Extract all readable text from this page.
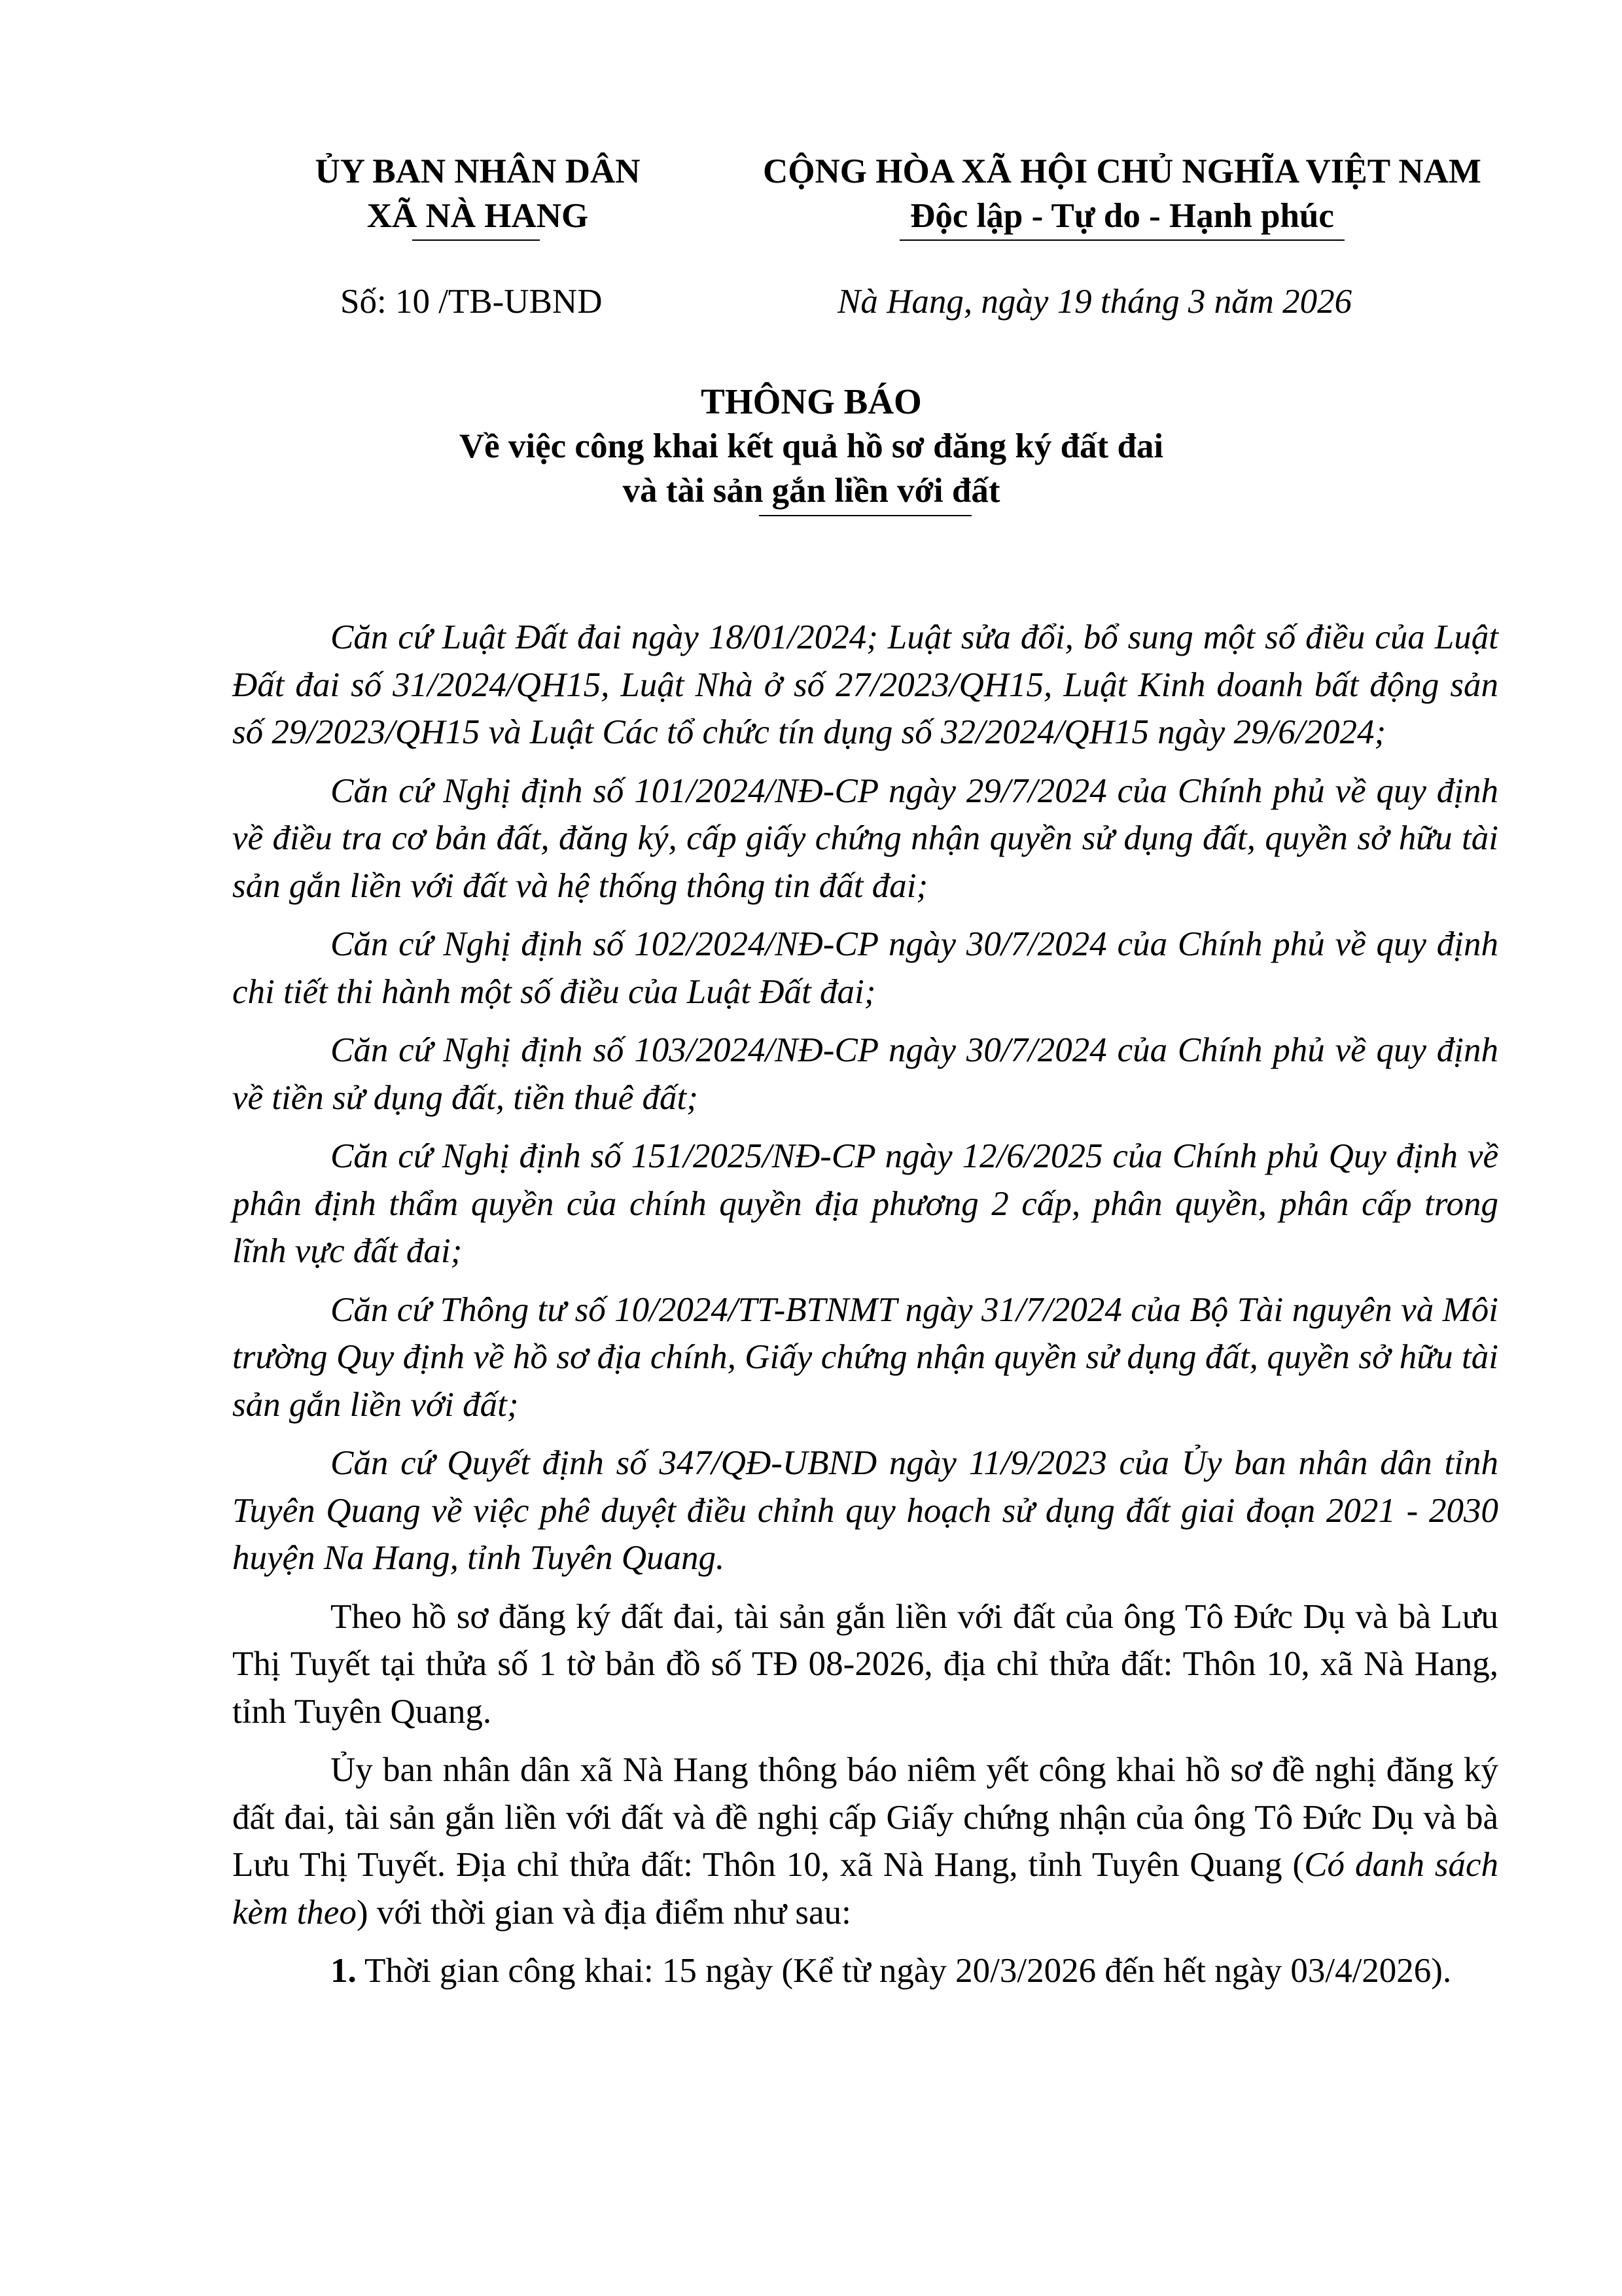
ỦY BAN NHÂN DÂN
XÃ NÀ HANG
CỘNG HÒA XÃ HỘI CHỦ NGHĨA VIỆT NAM
Độc lập - Tự do - Hạnh phúc
Số: 10 /TB-UBND	Nà Hang, ngày 19 tháng 3 năm 2026
THÔNG BÁO
Về việc công khai kết quả hồ sơ đăng ký đất đai
và tài sản gắn liền với đất

Căn cứ Luật Đất đai ngày 18/01/2024; Luật sửa đổi, bổ sung một số điều của Luật Đất đai số 31/2024/QH15, Luật Nhà ở số 27/2023/QH15, Luật Kinh doanh bất động sản số 29/2023/QH15 và Luật Các tổ chức tín dụng số 32/2024/QH15 ngày 29/6/2024;

Căn cứ Nghị định số 101/2024/NĐ-CP ngày 29/7/2024 của Chính phủ về quy định về điều tra cơ bản đất, đăng ký, cấp giấy chứng nhận quyền sử dụng đất, quyền sở hữu tài sản gắn liền với đất và hệ thống thông tin đất đai;

Căn cứ Nghị định số 102/2024/NĐ-CP ngày 30/7/2024 của Chính phủ về quy định chi tiết thi hành một số điều của Luật Đất đai;

Căn cứ Nghị định số 103/2024/NĐ-CP ngày 30/7/2024 của Chính phủ về quy định về tiền sử dụng đất, tiền thuê đất;

Căn cứ Nghị định số 151/2025/NĐ-CP ngày 12/6/2025 của Chính phủ Quy định về phân định thẩm quyền của chính quyền địa phương 2 cấp, phân quyền, phân cấp trong lĩnh vực đất đai;

Căn cứ Thông tư số 10/2024/TT-BTNMT ngày 31/7/2024 của Bộ Tài nguyên và Môi trường Quy định về hồ sơ địa chính, Giấy chứng nhận quyền sử dụng đất, quyền sở hữu tài sản gắn liền với đất;

Căn cứ Quyết định số 347/QĐ-UBND ngày 11/9/2023 của Ủy ban nhân dân tỉnh Tuyên Quang về việc phê duyệt điều chỉnh quy hoạch sử dụng đất giai đoạn 2021 - 2030 huyện Na Hang, tỉnh Tuyên Quang.

Theo hồ sơ đăng ký đất đai, tài sản gắn liền với đất của ông Tô Đức Dụ và bà Lưu Thị Tuyết tại thửa số 1 tờ bản đồ số TĐ 08-2026, địa chỉ thửa đất: Thôn 10, xã Nà Hang, tỉnh Tuyên Quang.

Ủy ban nhân dân xã Nà Hang thông báo niêm yết công khai hồ sơ đề nghị đăng ký đất đai, tài sản gắn liền với đất và đề nghị cấp Giấy chứng nhận của ông Tô Đức Dụ và bà Lưu Thị Tuyết. Địa chỉ thửa đất: Thôn 10, xã Nà Hang, tỉnh Tuyên Quang (Có danh sách kèm theo) với thời gian và địa điểm như sau:

1. Thời gian công khai: 15 ngày (Kể từ ngày 20/3/2026 đến hết ngày 03/4/2026).
